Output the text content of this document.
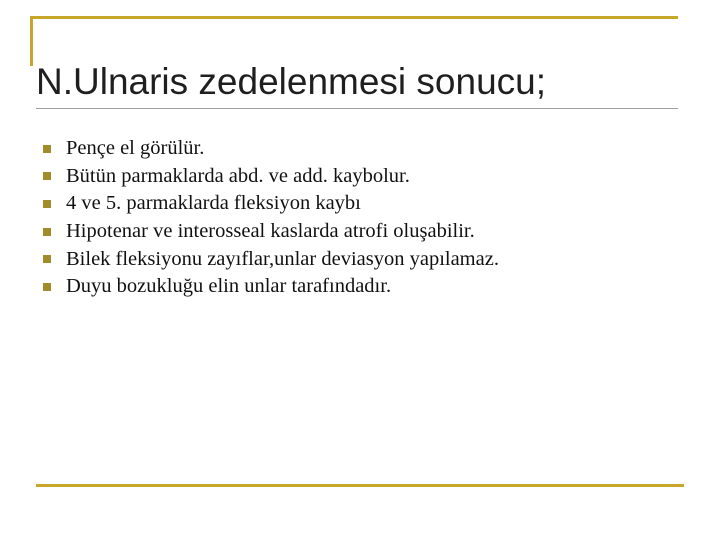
N.Ulnaris zedelenmesi sonucu;
Pençe el görülür.
Bütün parmaklarda abd. ve add. kaybolur.
4 ve 5. parmaklarda fleksiyon kaybı
Hipotenar ve interosseal kaslarda atrofi oluşabilir.
Bilek fleksiyonu zayıflar,unlar deviasyon yapılamaz.
Duyu bozukluğu elin unlar tarafındadır.
